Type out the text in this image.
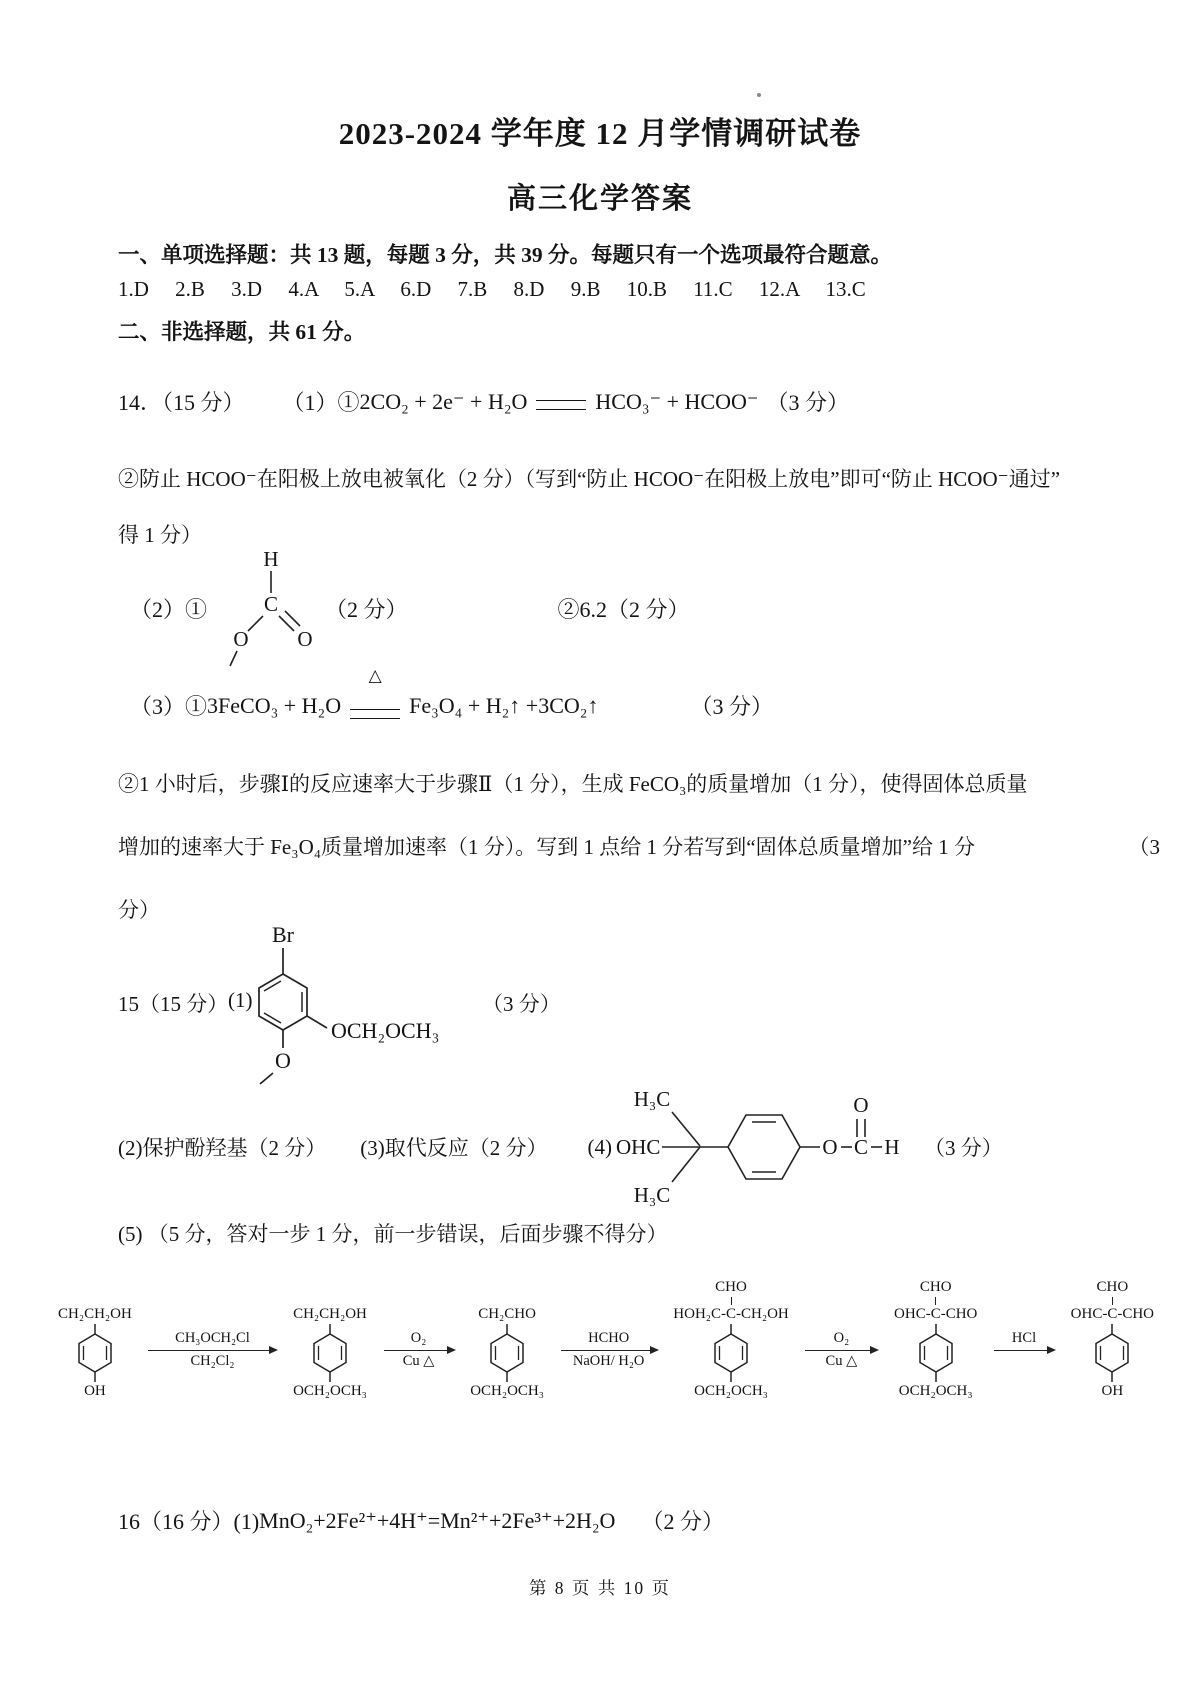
2023-2024 学年度 12 月学情调研试卷
高三化学答案
一、单项选择题：共 13 题，每题 3 分，共 39 分。每题只有一个选项最符合题意。
1.D     2.B     3.D     4.A     5.A     6.D     7.B     8.D     9.B     10.B     11.C     12.A     13.C
二、非选择题，共 61 分。
14．（15 分） （1）① 2CO₂ + 2e⁻ + H₂O	HCO₃⁻ + HCOO⁻ （3 分）
②防止 HCOO⁻在阳极上放电被氧化（2 分）（写到“防止 HCOO⁻在阳极上放电”即可“防止 HCOO⁻通过”
得 1 分）
（2）①
H
C
O O
（2 分）	②6.2（2 分）
（3）① 3FeCO₃ + H₂O
△
Fe₃O₄ + H₂↑ +3CO₂↑	（3 分）
②1 小时后，步骤Ⅰ的反应速率大于步骤Ⅱ（1 分），生成 FeCO₃的质量增加（1 分），使得固体总质量
增加的速率大于 Fe₃O₄质量增加速率（1 分）。写到 1 点给 1 分若写到“固体总质量增加”给 1 分	（3
分）
15（15 分） (1)
Br
OCH₂OCH₃
O
（3 分）
(2)保护酚羟基（2 分） (3)取代反应（2 分） (4)
H₃C
OHC
H₃C
O C
O
H （3 分）
(5) （5 分，答对一步 1 分，前一步错误，后面步骤不得分）
CH₂CH₂OH
OH
CH₃OCH₂Cl
CH₂Cl₂
CH₂CH₂OH
OCH₂OCH₃
O₂
Cu △
CH₂CHO
OCH₂OCH₃
HCHO
NaOH/ H₂O
CHO
HOH₂C-C-CH₂OH
OCH₂OCH₃
O₂
Cu △
CHO
OHC-C-CHO
OCH₂OCH₃
HCl
CHO
OHC-C-CHO
OH
16（16 分）(1) MnO₂+2Fe²⁺+4H⁺=Mn²⁺+2Fe³⁺+2H₂O （2 分）
第 8 页 共 10 页
